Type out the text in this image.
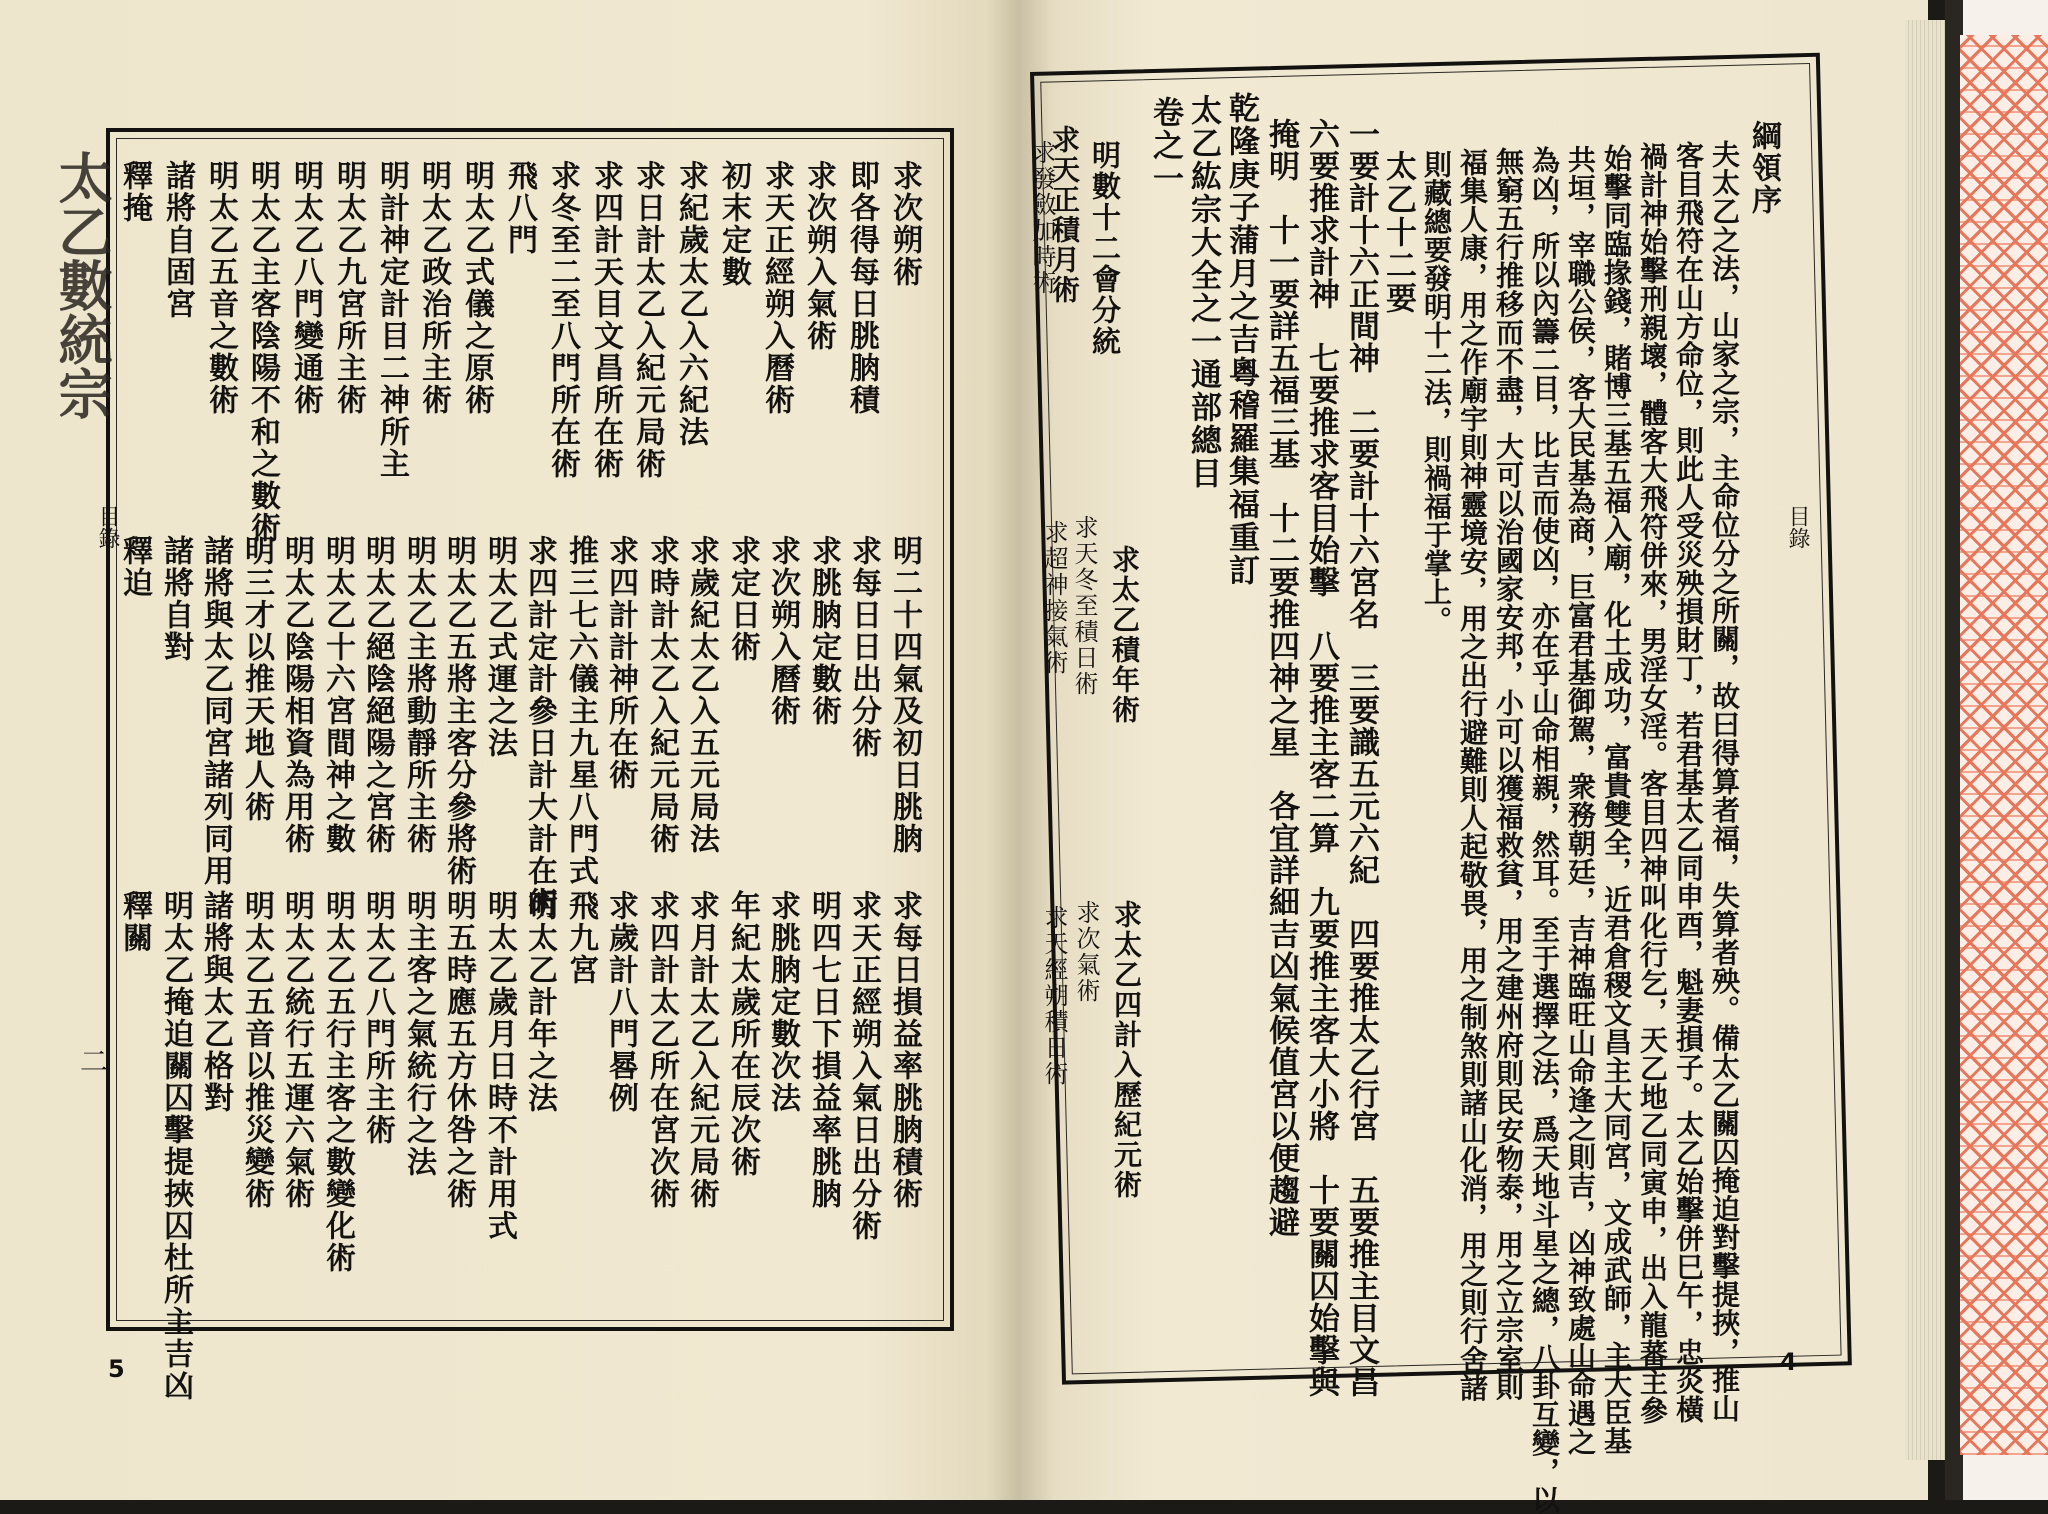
太乙數統宗
目錄
二
5
求次朔術
即各得每日朓朒積
求次朔入氣術
求天正經朔入曆術
初末定數
求紀歲太乙入六紀法
求日計太乙入紀元局術
求四計天目文昌所在術
求冬至二至八門所在術
飛八門
明太乙式儀之原術
明太乙政治所主術
明計神定計目二神所主
明太乙九宮所主術
明太乙八門變通術
明太乙主客陰陽不和之數術
明太乙五音之數術
諸將自固宮
釋掩
明二十四氣及初日朓朒
求每日日出分術
求朓朒定數術
求次朔入曆術
求定日術
求歲紀太乙入五元局法
求時計太乙入紀元局術
求四計計神所在術
推三七六儀主九星八門式
求四計定計參日計大計在術
明太乙式運之法
明太乙五將主客分參將術
明太乙主將動靜所主術
明太乙絕陰絕陽之宮術
明太乙十六宮間神之數
明太乙陰陽相資為用術
明三才以推天地人術
諸將與太乙同宮諸列同用
諸將自對
釋迫
求每日損益率朓朒積術
求天正經朔入氣日出分術
明四七日下損益率朓朒
求朓朒定數次法
年紀太歲所在辰次術
求月計太乙入紀元局術
求四計太乙所在宮次術
求歲計八門晷例
飛九宮
明太乙計年之法
明太乙歲月日時不計用式
明五時應五方休咎之術
明主客之氣統行之法
明太乙八門所主術
明太乙五行主客之數變化術
明太乙統行五運六氣術
明太乙五音以推災變術
諸將與太乙格對
明太乙掩迫關囚擊提挾囚杜所主吉凶
釋關
目錄
4
綱領序
夫太乙之法，山家之宗，主命位分之所關，故曰得算者福，失算者殃。備太乙關囚掩迫對擊提挾，推山
客目飛符在山方命位，則此人受災殃損財丁，若君基太乙同申酉，魁妻損子。太乙始擊併巳午，忠炎橫
禍計神始擊刑親壞，體客大飛符併來，男淫女淫。客目四神叫化行乞，天乙地乙同寅申，出入龍蕃主參
始擊同臨掾錢，賭博三基五福入廟，化土成功，富貴雙全，近君倉稷文昌主大同宮，文成武師，主大臣基
共垣，宰職公侯，客大民基為商，巨富君基御駕，衆務朝廷，吉神臨旺山命逢之則吉，凶神致處山命遇之
為凶，所以內籌二目，比吉而使凶，亦在乎山命相親，然耳。至于選擇之法，爲天地斗星之總，八卦互變，以
無窮五行推移而不盡，大可以治國家安邦，小可以獲福救貧，用之建州府則民安物泰，用之立宗室則
福集人康，用之作廟宇則神靈境安，用之出行避難則人起敬畏，用之制煞則諸山化消，用之則行舍諸
則藏總要發明十二法，則禍福于掌上。
太乙十二要
一要計十六正間神　二要計十六宮名　三要識五元六紀　四要推太乙行宮　五要推主目文昌
六要推求計神　七要推求客目始擊　八要推主客二算　九要推主客大小將　十要關囚始擊與
掩明　十一要詳五福三基　十二要推四神之星　各宜詳細吉凶氣候值宮以便趨避
乾隆庚子蒲月之吉粵稽羅集福重訂
太乙紘宗大全之一通部總目
卷之一
明數十二會分統
求天正積月術
求太乙積年術
求太乙四計入歷紀元術
求發斂加時術
求天冬至積日術
求超神接氣術
求次氣術
求天經朔積日術
